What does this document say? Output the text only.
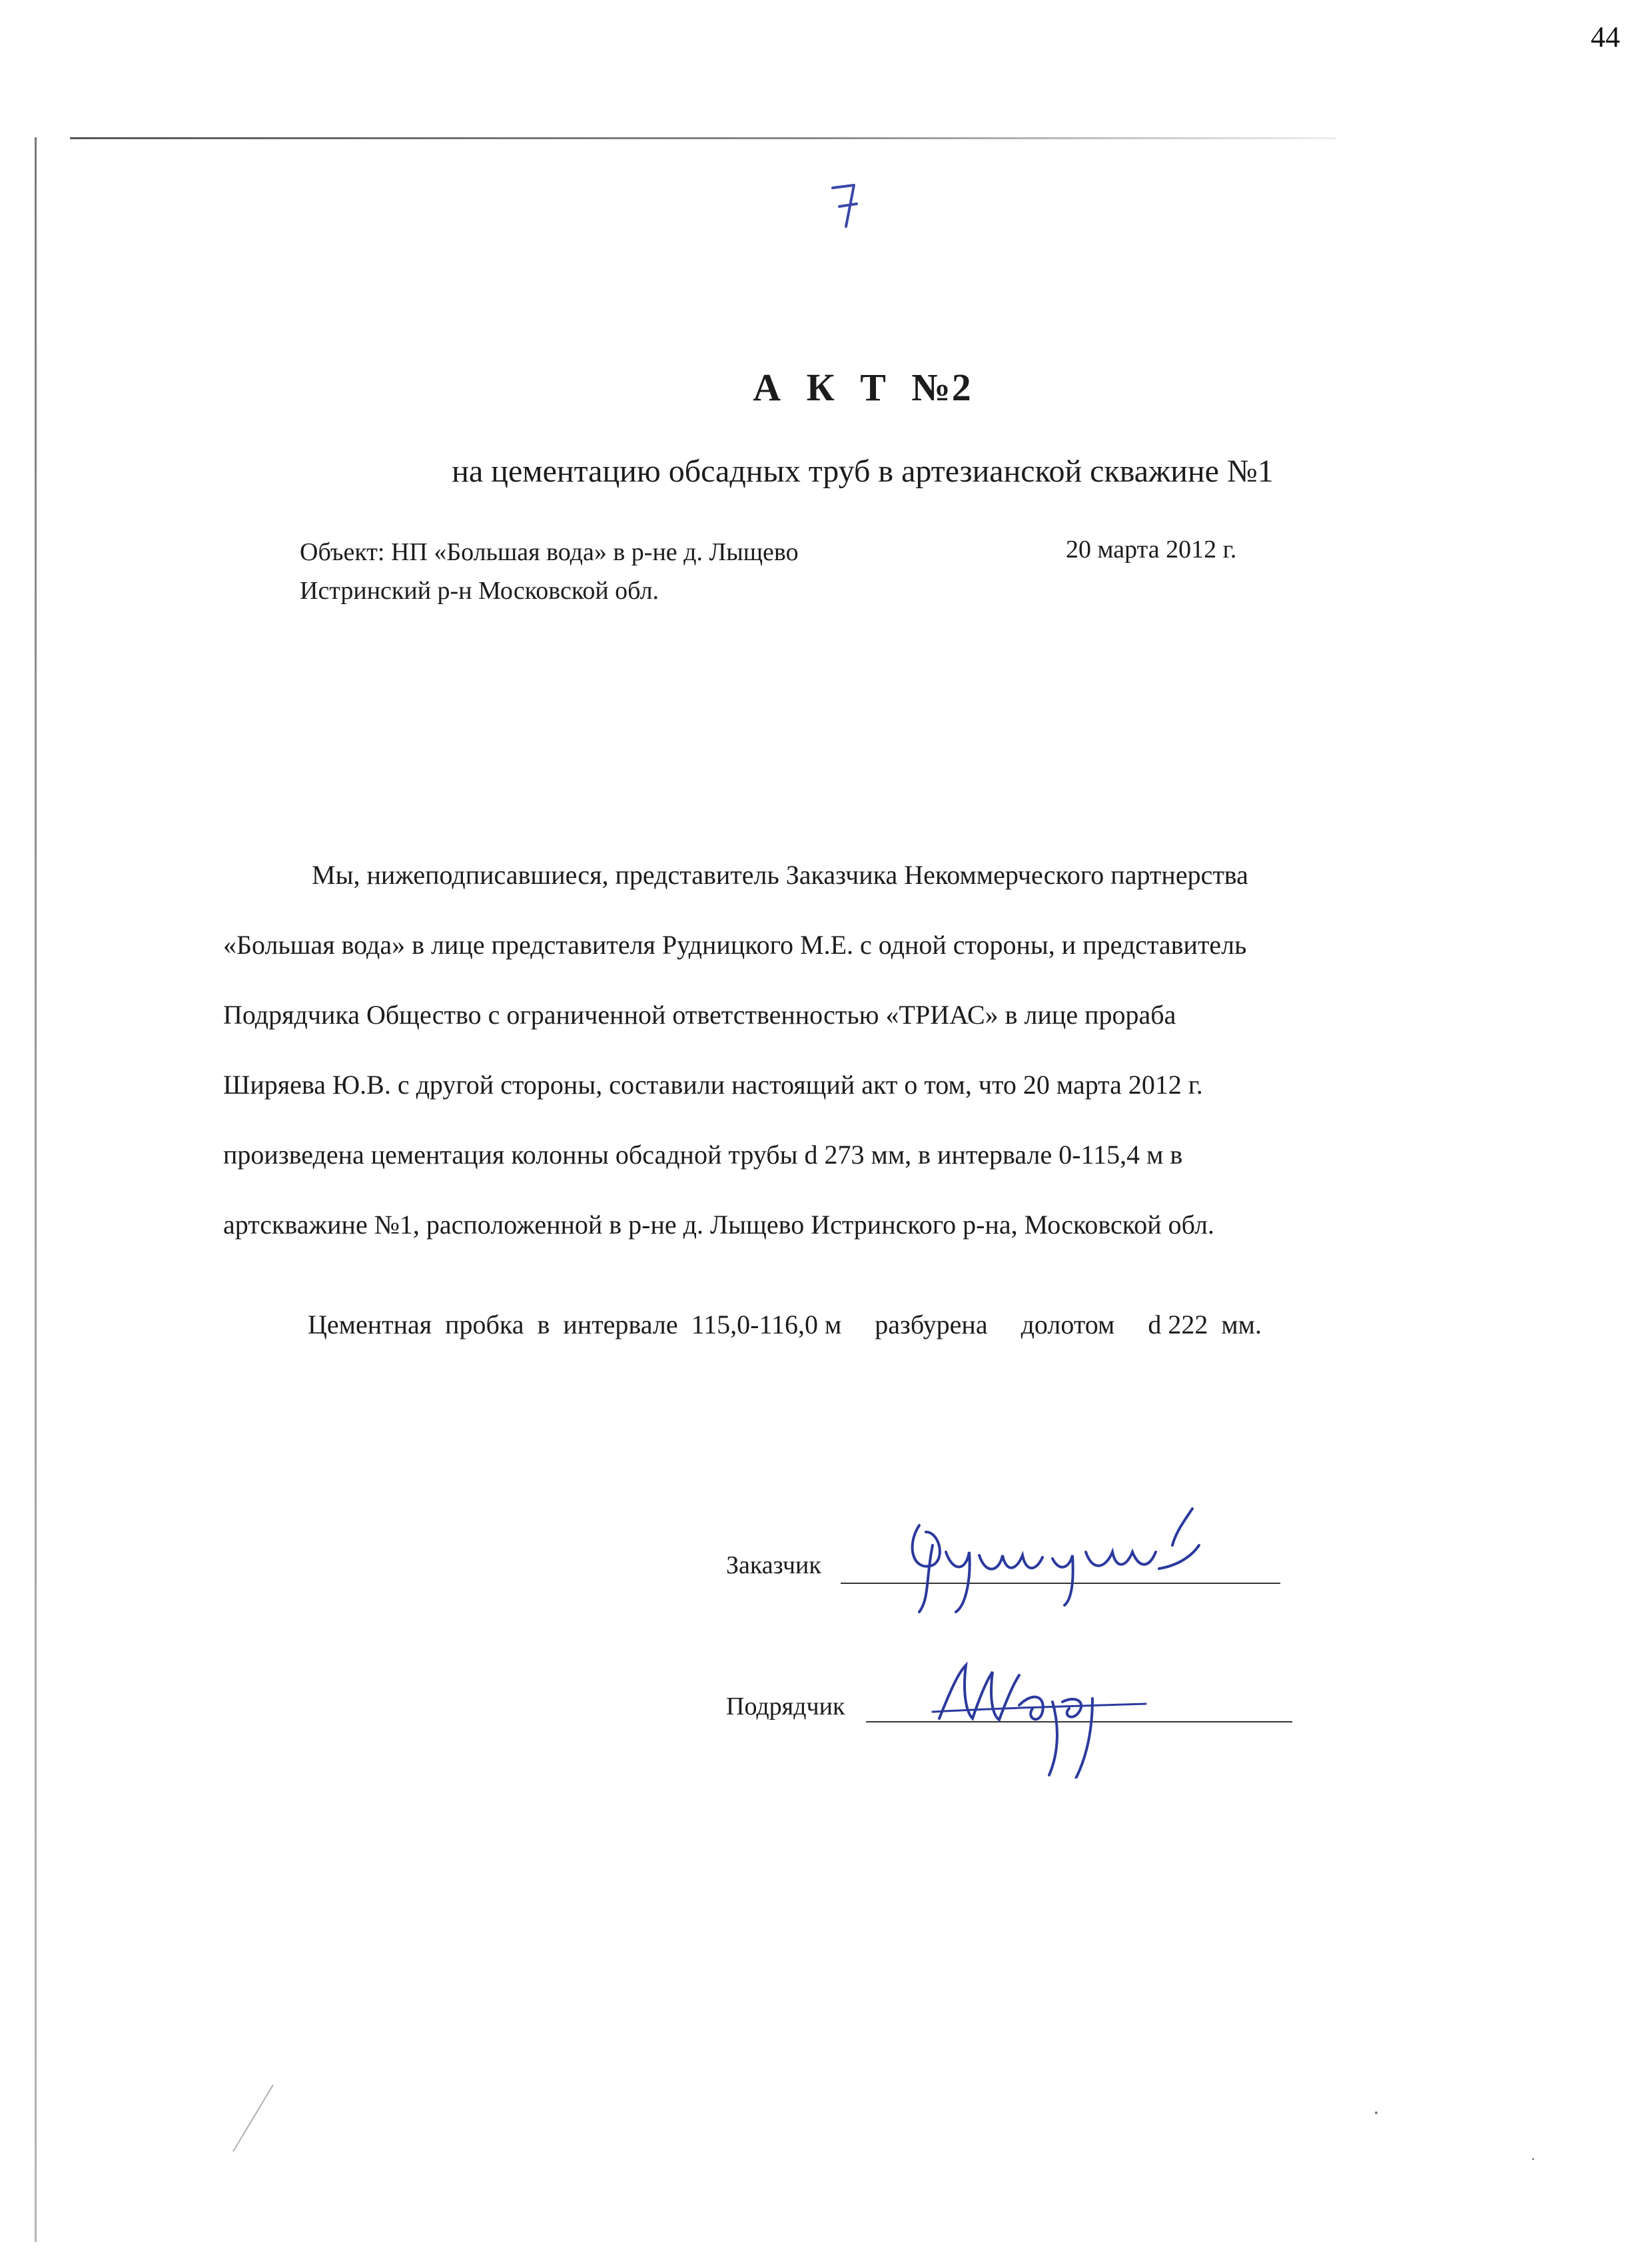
44
А К Т №2
на цементацию обсадных труб в артезианской скважине №1
Объект: НП «Большая вода» в р-не д. Лыщево
Истринский р-н Московской обл.
20 марта 2012 г.
Мы, нижеподписавшиеся, представитель Заказчика Некоммерческого партнерства
«Большая вода» в лице представителя Рудницкого М.Е. с одной стороны, и представитель
Подрядчика Общество с ограниченной ответственностью «ТРИАС» в лице прораба
Ширяева Ю.В. с другой стороны, составили настоящий акт о том, что 20 марта 2012 г.
произведена цементация колонны обсадной трубы d 273 мм, в интервале 0-115,4 м в
артскважине №1, расположенной в р-не д. Лыщево Истринского р-на, Московской обл.
Цементная  пробка  в  интервале  115,0-116,0 м     разбурена     долотом     d 222  мм.
Заказчик
Подрядчик
